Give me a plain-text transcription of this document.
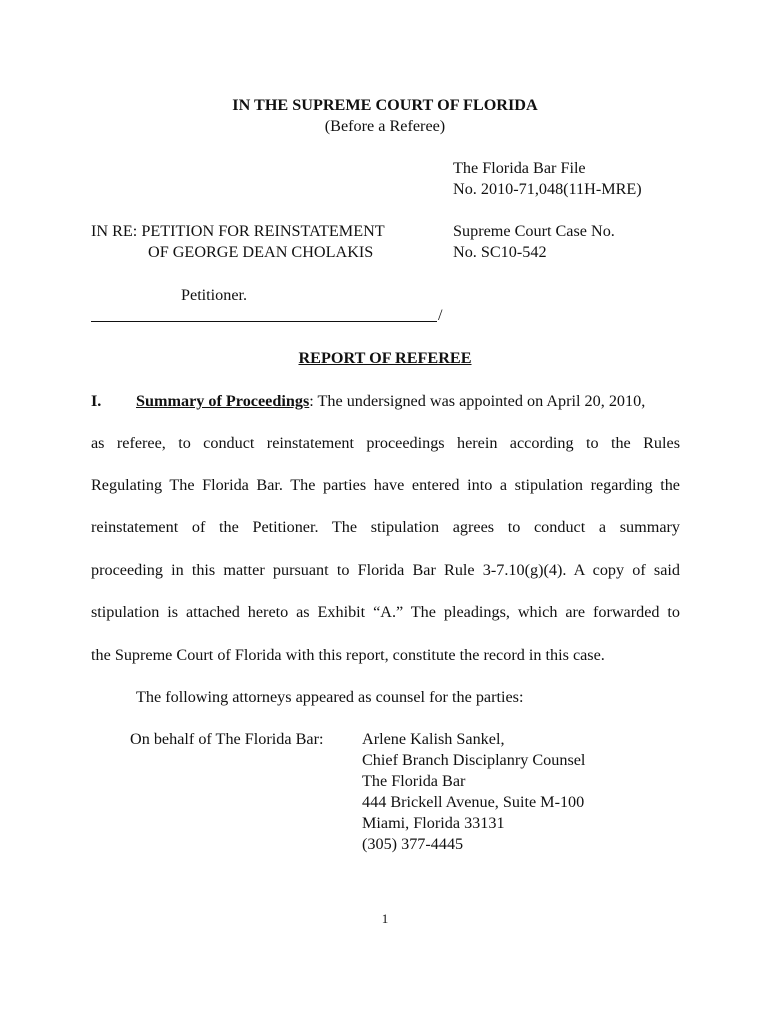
IN THE SUPREME COURT OF FLORIDA
(Before a Referee)
The Florida Bar File
No. 2010-71,048(11H-MRE)
IN RE: PETITION FOR REINSTATEMENT
OF GEORGE DEAN CHOLAKIS
Supreme Court Case No.
No. SC10-542
Petitioner.
/
REPORT OF REFEREE
I. Summary of Proceedings: The undersigned was appointed on April 20, 2010,
as referee, to conduct reinstatement proceedings herein according to the Rules
Regulating The Florida Bar. The parties have entered into a stipulation regarding the
reinstatement of the Petitioner. The stipulation agrees to conduct a summary
proceeding in this matter pursuant to Florida Bar Rule 3-7.10(g)(4). A copy of said
stipulation is attached hereto as Exhibit “A.” The pleadings, which are forwarded to
the Supreme Court of Florida with this report, constitute the record in this case.
The following attorneys appeared as counsel for the parties:
On behalf of The Florida Bar: Arlene Kalish Sankel,
Chief Branch Disciplanry Counsel
The Florida Bar
444 Brickell Avenue, Suite M-100
Miami, Florida 33131
(305) 377-4445
1
